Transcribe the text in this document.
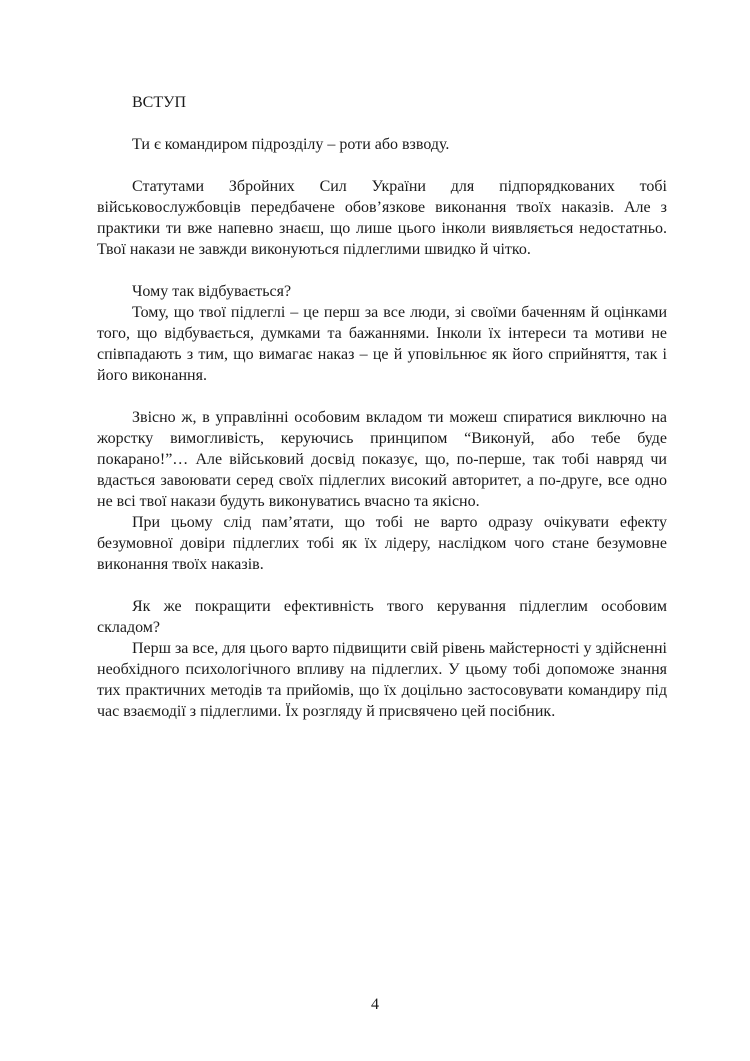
ВСТУП

Ти є командиром підрозділу – роти або взводу.

Статутами Збройних Сил України для підпорядкованих тобі військовослужбовців передбачене обов’язкове виконання твоїх наказів. Але з практики ти вже напевно знаєш, що лише цього інколи виявляється недостатньо. Твої накази не завжди виконуються підлеглими швидко й чітко.

Чому так відбувається?

Тому, що твої підлеглі – це перш за все люди, зі своїми баченням й оцінками того, що відбувається, думками та бажаннями. Інколи їх інтереси та мотиви не співпадають з тим, що вимагає наказ – це й уповільнює як його сприйняття, так і його виконання.

Звісно ж, в управлінні особовим вкладом ти можеш спиратися виключно на жорстку вимогливість, керуючись принципом “Виконуй, або тебе буде покарано!”… Але військовий досвід показує, що, по-перше, так тобі навряд чи вдасться завоювати серед своїх підлеглих високий авторитет, а по-друге, все одно не всі твої накази будуть виконуватись вчасно та якісно.

При цьому слід пам’ятати, що тобі не варто одразу очікувати ефекту безумовної довіри підлеглих тобі як їх лідеру, наслідком чого стане безумовне виконання твоїх наказів.

Як же покращити ефективність твого керування підлеглим особовим складом?

Перш за все, для цього варто підвищити свій рівень майстерності у здійсненні необхідного психологічного впливу на підлеглих. У цьому тобі допоможе знання тих практичних методів та прийомів, що їх доцільно застосовувати командиру під час взаємодії з підлеглими. Їх розгляду й присвячено цей посібник.

4
